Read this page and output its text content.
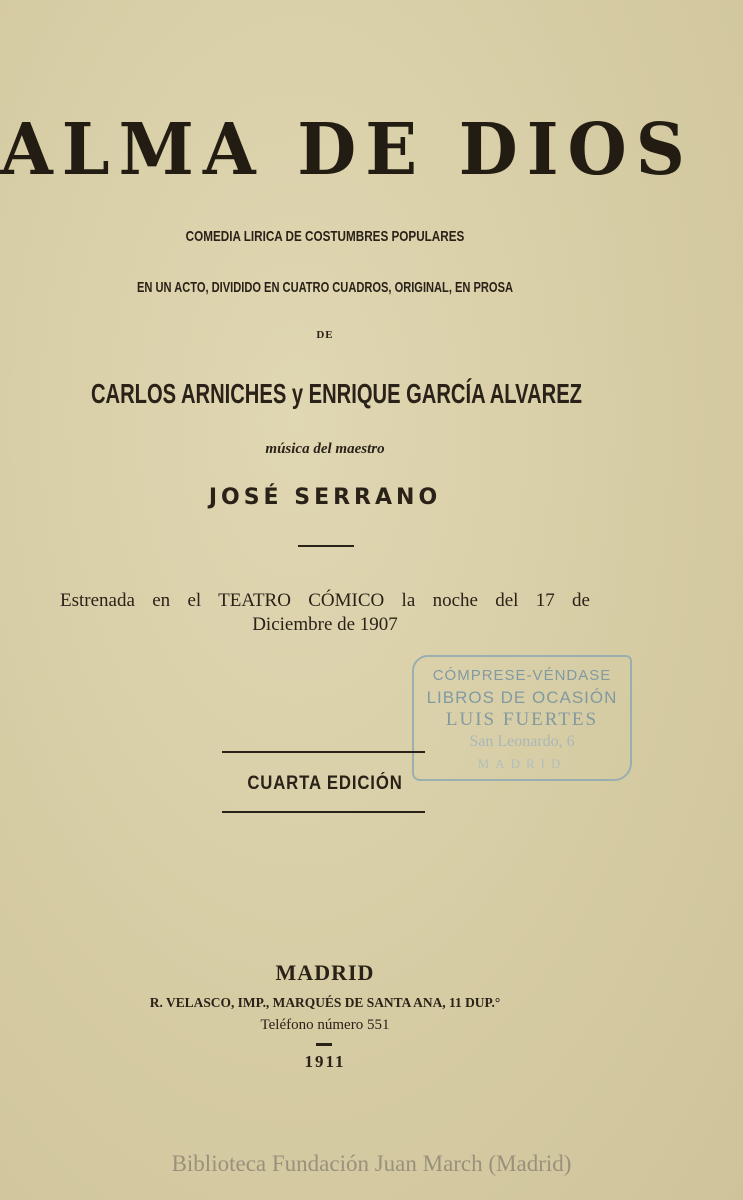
ALMA DE DIOS
COMEDIA LIRICA DE COSTUMBRES POPULARES
EN UN ACTO, DIVIDIDO EN CUATRO CUADROS, ORIGINAL, EN PROSA
DE
CARLOS ARNICHES y ENRIQUE GARCÍA ALVAREZ
música del maestro
JOSÉ SERRANO
Estrenada en el TEATRO CÓMICO la noche del 17 de
Diciembre de 1907
CÓMPRESE-VÉNDASE
LIBROS DE OCASIÓN
LUIS FUERTES
San Leonardo, 6
MADRID
CUARTA EDICIÓN
MADRID
R. VELASCO, IMP., MARQUÉS DE SANTA ANA, 11 DUP.°
Teléfono número 551
1911
Biblioteca Fundación Juan March (Madrid)
